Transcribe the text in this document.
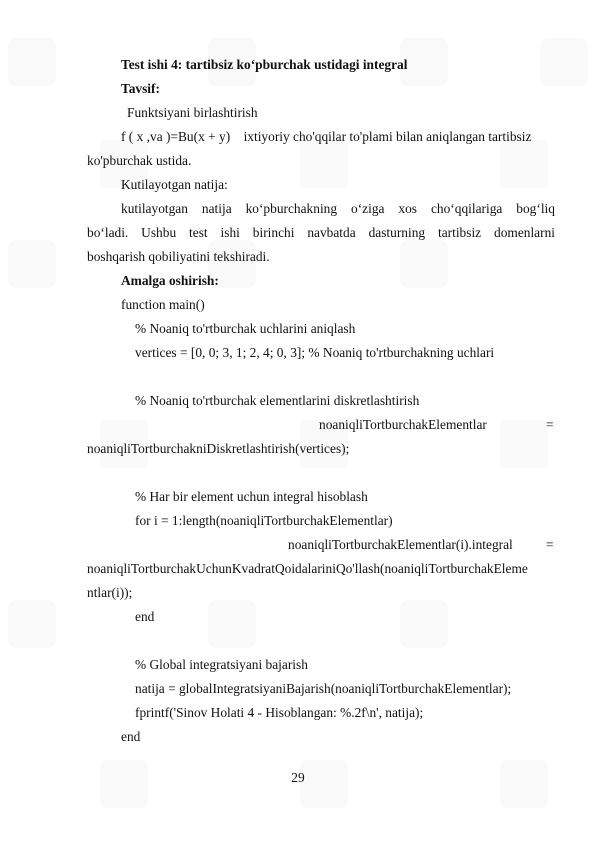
Test ishi 4: tartibsiz ko‘pburchak ustidagi integral
Tavsif:
Funktsiyani birlashtirish
f ( x ,va )=Bu(x + y)    ixtiyoriy cho'qqilar to'plami bilan aniqlangan tartibsiz
ko'pburchak ustida.
Kutilayotgan natija:
kutilayotgan natija ko‘pburchakning o‘ziga xos cho‘qqilariga bog‘liq
bo‘ladi. Ushbu test ishi birinchi navbatda dasturning tartibsiz domenlarni
boshqarish qobiliyatini tekshiradi.
Amalga oshirish:
function main()
% Noaniq to'rtburchak uchlarini aniqlash
vertices = [0, 0; 3, 1; 2, 4; 0, 3]; % Noaniq to'rtburchakning uchlari
% Noaniq to'rtburchak elementlarini diskretlashtirish
noaniqliTortburchakElementlar	=
noaniqliTortburchakniDiskretlashtirish(vertices);
% Har bir element uchun integral hisoblash
for i = 1:length(noaniqliTortburchakElementlar)
noaniqliTortburchakElementlar(i).integral =
noaniqliTortburchakUchunKvadratQoidalariniQo'llash(noaniqliTortburchakEleme
ntlar(i));
end
% Global integratsiyani bajarish
natija = globalIntegratsiyaniBajarish(noaniqliTortburchakElementlar);
fprintf('Sinov Holati 4 - Hisoblangan: %.2f\n', natija);
end
29
